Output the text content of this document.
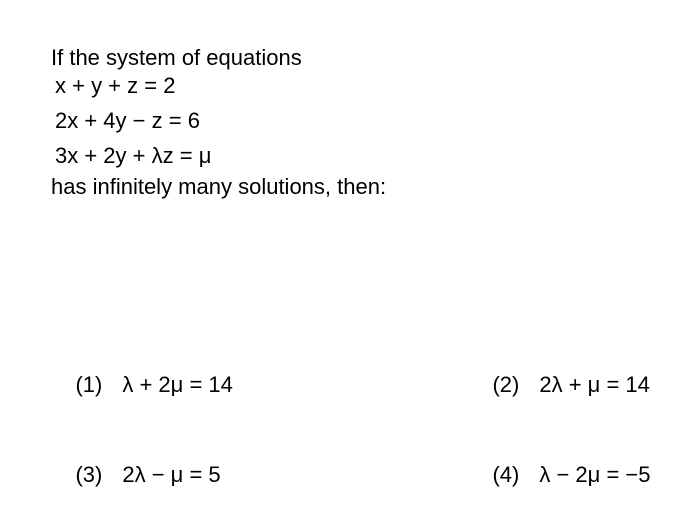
If the system of equations
x + y + z = 2
2x + 4y − z = 6
3x + 2y + λz = μ
has infinitely many solutions, then:

(1) λ + 2μ = 14
	(2) 2λ + μ = 14

(3) 2λ − μ = 5
	(4) λ − 2μ = −5
